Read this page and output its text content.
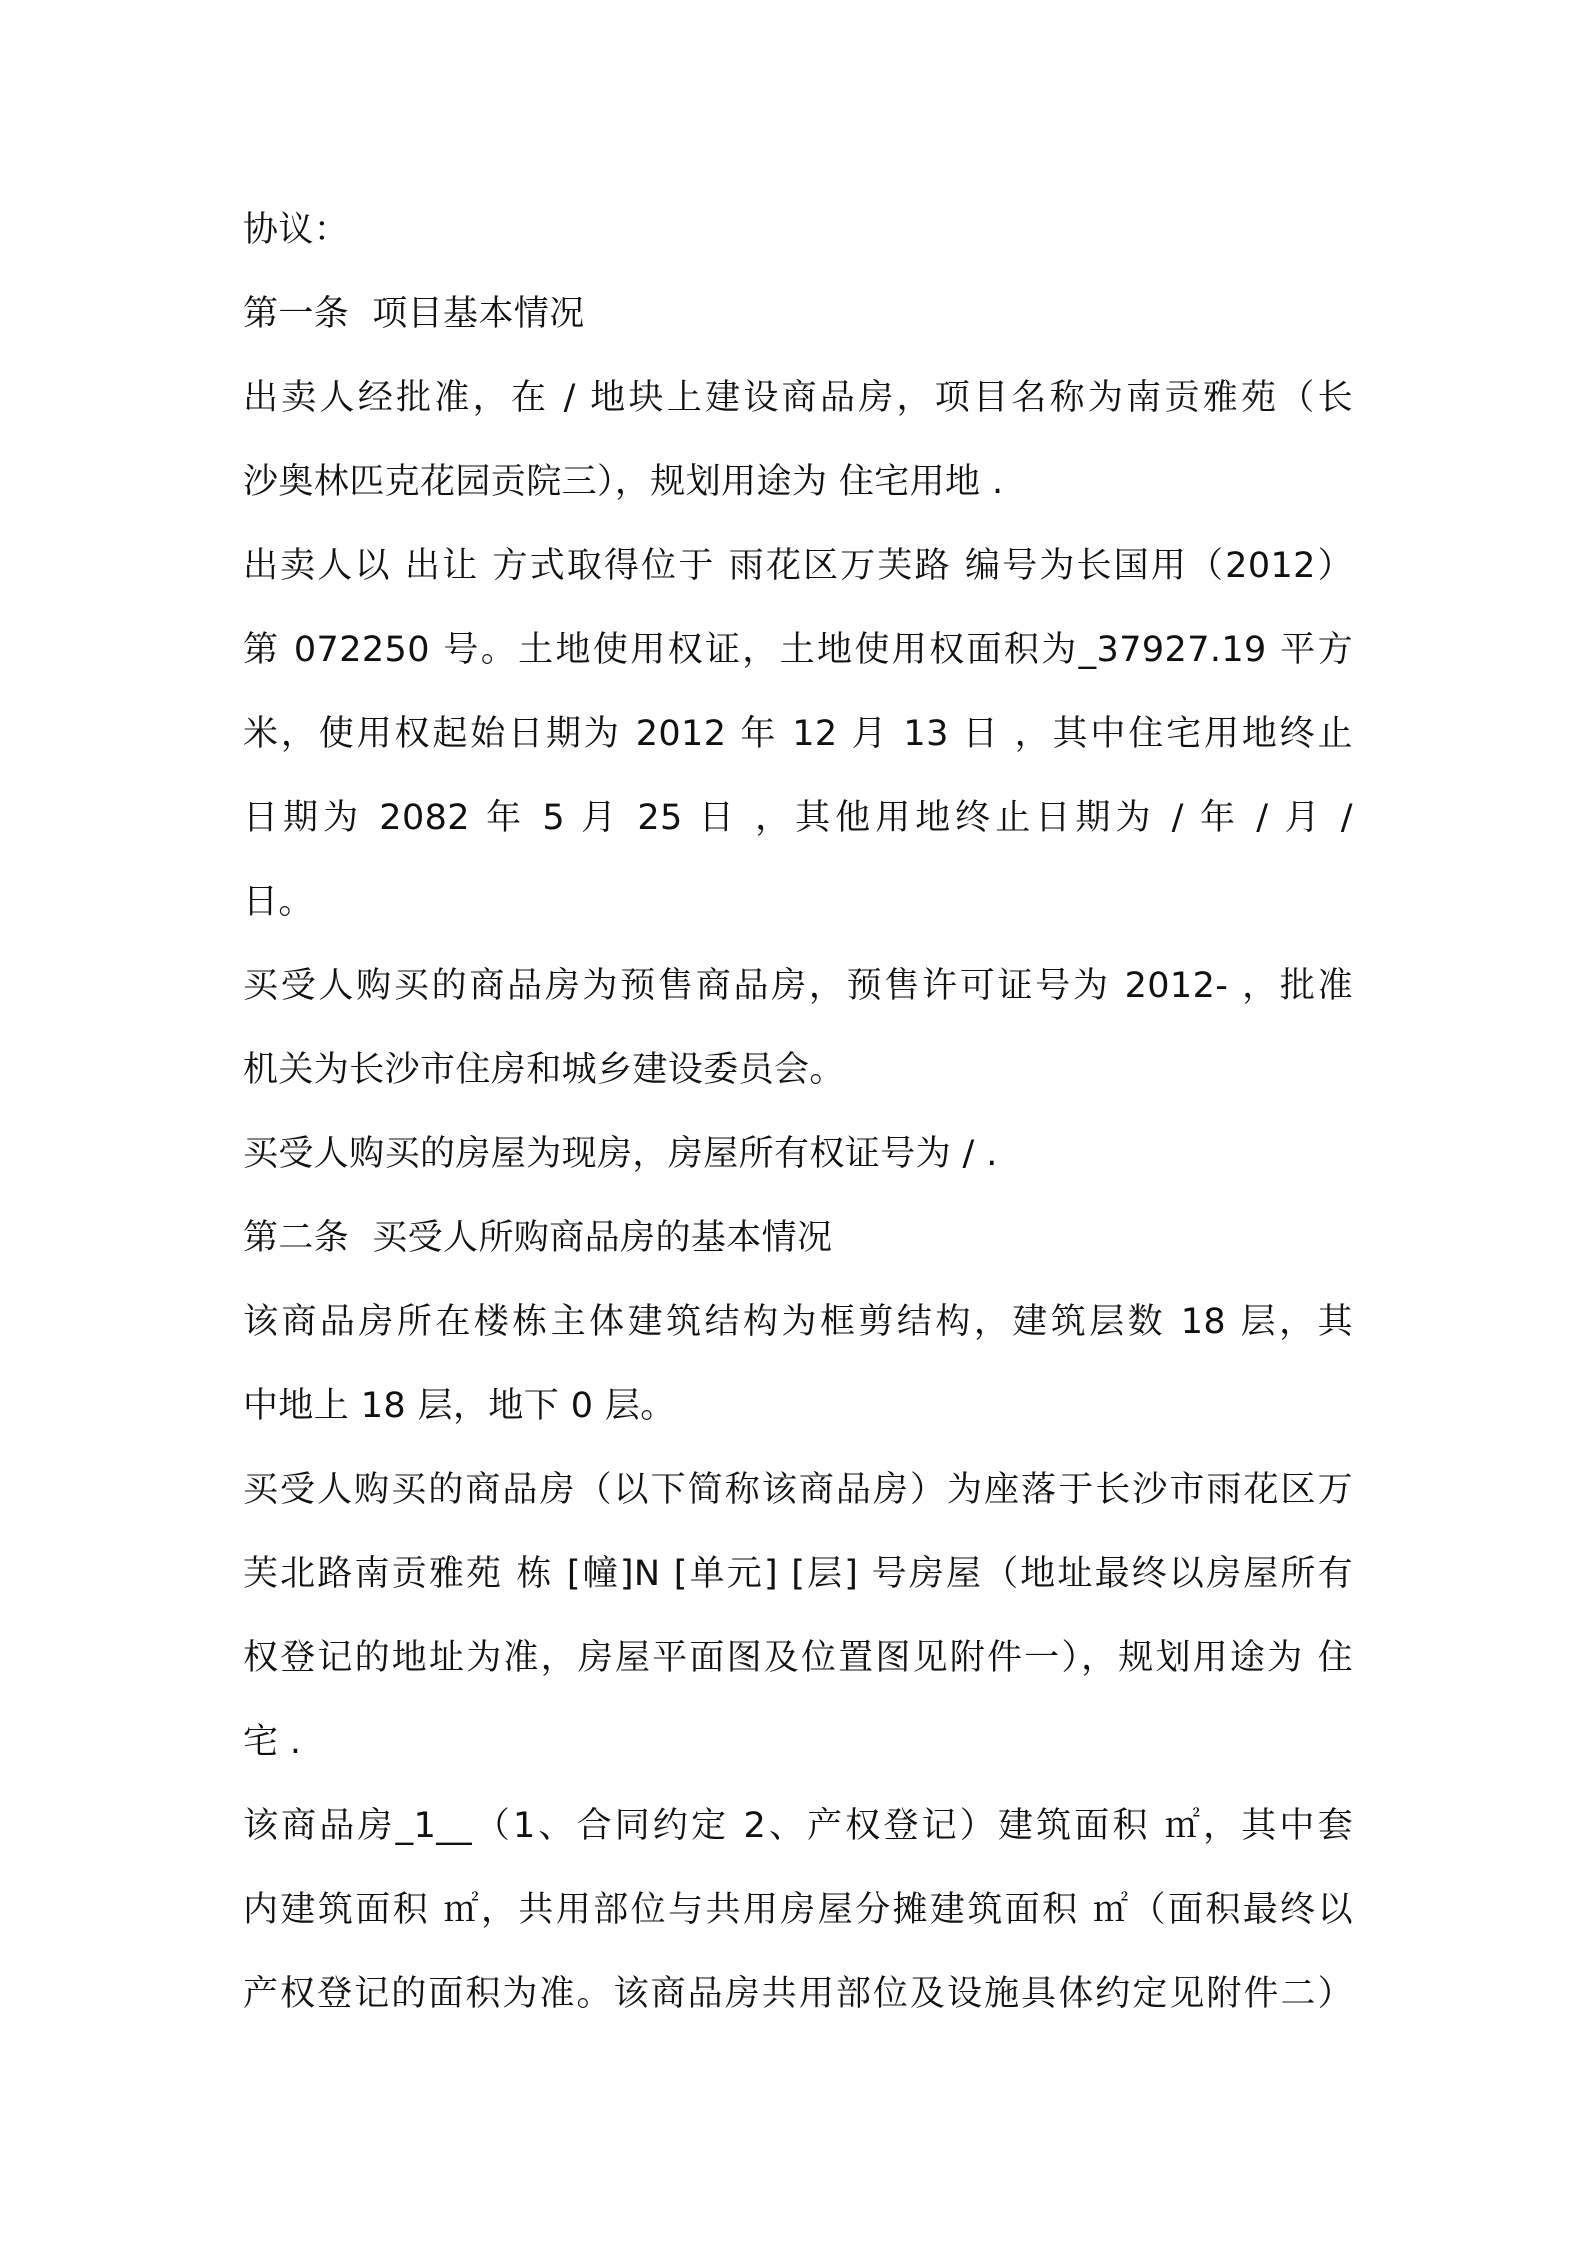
协议：
第一条  项目基本情况
出卖人经批准，在 / 地块上建设商品房，项目名称为南贡雅苑（长
沙奥林匹克花园贡院三），规划用途为 住宅用地 .
出卖人以 出让 方式取得位于 雨花区万芙路 编号为长国用（2012）
第 072250 号。土地使用权证，土地使用权面积为_37927.19 平方
米，使用权起始日期为 2012 年 12 月 13 日 ，其中住宅用地终止
日期为 2082 年 5 月 25 日 ，其他用地终止日期为 / 年 / 月 /
日。
买受人购买的商品房为预售商品房，预售许可证号为 2012- ，批准
机关为长沙市住房和城乡建设委员会。
买受人购买的房屋为现房，房屋所有权证号为 / .
第二条  买受人所购商品房的基本情况
该商品房所在楼栋主体建筑结构为框剪结构，建筑层数 18 层，其
中地上 18 层，地下 0 层。
买受人购买的商品房（以下简称该商品房）为座落于长沙市雨花区万
芙北路南贡雅苑 栋 [幢]N [单元] [层] 号房屋（地址最终以房屋所有
权登记的地址为准，房屋平面图及位置图见附件一），规划用途为 住
宅 .
该商品房_1__（1、合同约定 2、产权登记）建筑面积 ㎡，其中套
内建筑面积 ㎡，共用部位与共用房屋分摊建筑面积 ㎡（面积最终以
产权登记的面积为准。该商品房共用部位及设施具体约定见附件二）
